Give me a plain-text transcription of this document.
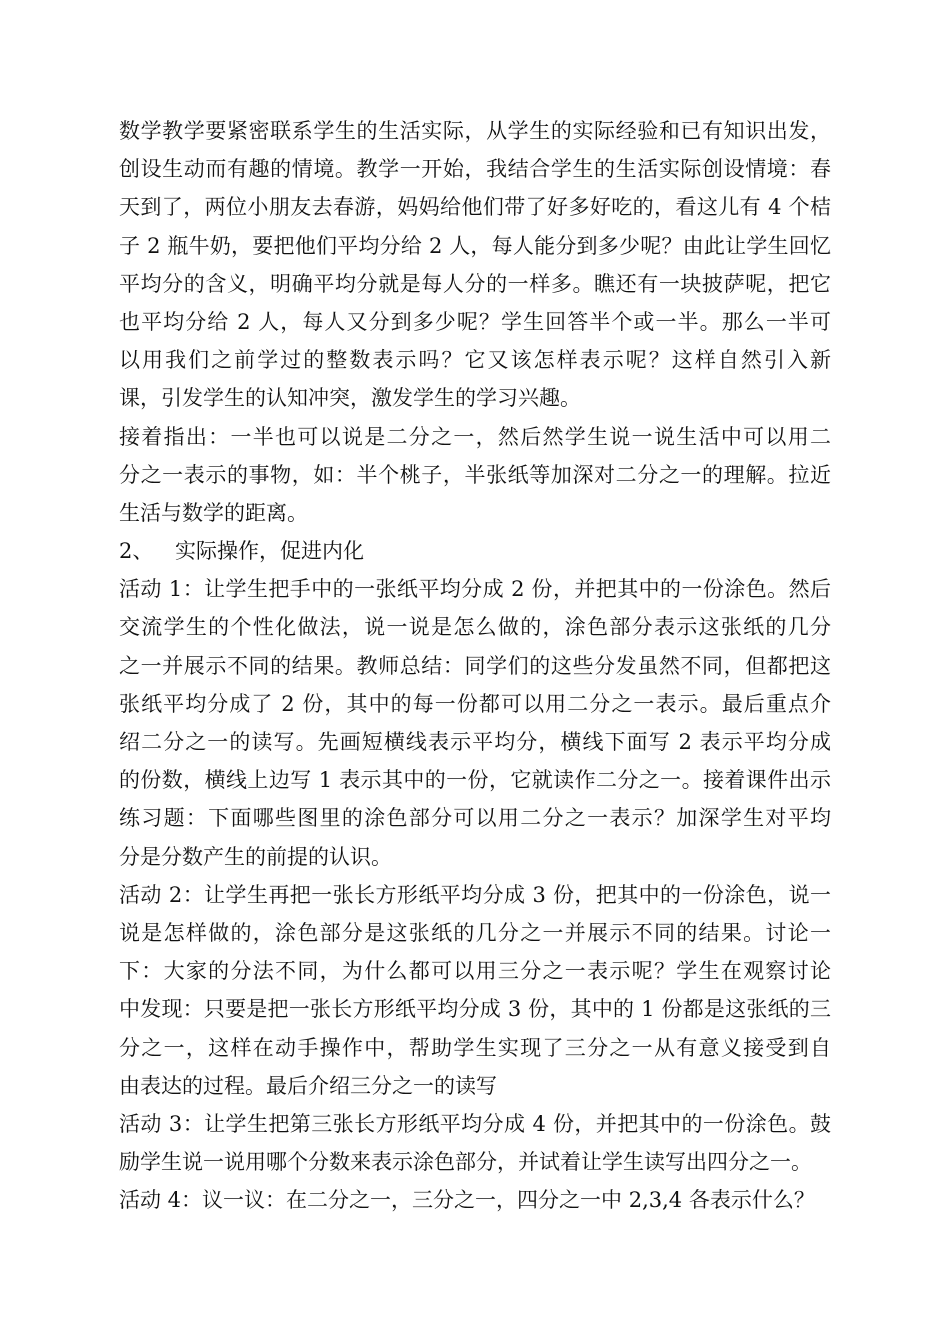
数学教学要紧密联系学生的生活实际，从学生的实际经验和已有知识出发，
创设生动而有趣的情境。教学一开始，我结合学生的生活实际创设情境：春
天到了，两位小朋友去春游，妈妈给他们带了好多好吃的，看这儿有 4 个桔
子 2 瓶牛奶，要把他们平均分给 2 人，每人能分到多少呢？由此让学生回忆
平均分的含义，明确平均分就是每人分的一样多。瞧还有一块披萨呢，把它
也平均分给 2 人，每人又分到多少呢？学生回答半个或一半。那么一半可
以用我们之前学过的整数表示吗？它又该怎样表示呢？这样自然引入新
课，引发学生的认知冲突，激发学生的学习兴趣。
接着指出：一半也可以说是二分之一，然后然学生说一说生活中可以用二
分之一表示的事物，如：半个桃子，半张纸等加深对二分之一的理解。拉近
生活与数学的距离。
2、 实际操作，促进内化
活动 1：让学生把手中的一张纸平均分成 2 份，并把其中的一份涂色。然后
交流学生的个性化做法，说一说是怎么做的，涂色部分表示这张纸的几分
之一并展示不同的结果。教师总结：同学们的这些分发虽然不同，但都把这
张纸平均分成了 2 份，其中的每一份都可以用二分之一表示。最后重点介
绍二分之一的读写。先画短横线表示平均分，横线下面写 2 表示平均分成
的份数，横线上边写 1 表示其中的一份，它就读作二分之一。接着课件出示
练习题：下面哪些图里的涂色部分可以用二分之一表示？加深学生对平均
分是分数产生的前提的认识。
活动 2：让学生再把一张长方形纸平均分成 3 份，把其中的一份涂色，说一
说是怎样做的，涂色部分是这张纸的几分之一并展示不同的结果。讨论一
下：大家的分法不同，为什么都可以用三分之一表示呢？学生在观察讨论
中发现：只要是把一张长方形纸平均分成 3 份，其中的 1 份都是这张纸的三
分之一，这样在动手操作中，帮助学生实现了三分之一从有意义接受到自
由表达的过程。最后介绍三分之一的读写
活动 3：让学生把第三张长方形纸平均分成 4 份，并把其中的一份涂色。鼓
励学生说一说用哪个分数来表示涂色部分，并试着让学生读写出四分之一。
活动 4：议一议：在二分之一，三分之一，四分之一中 2,3,4 各表示什么？
